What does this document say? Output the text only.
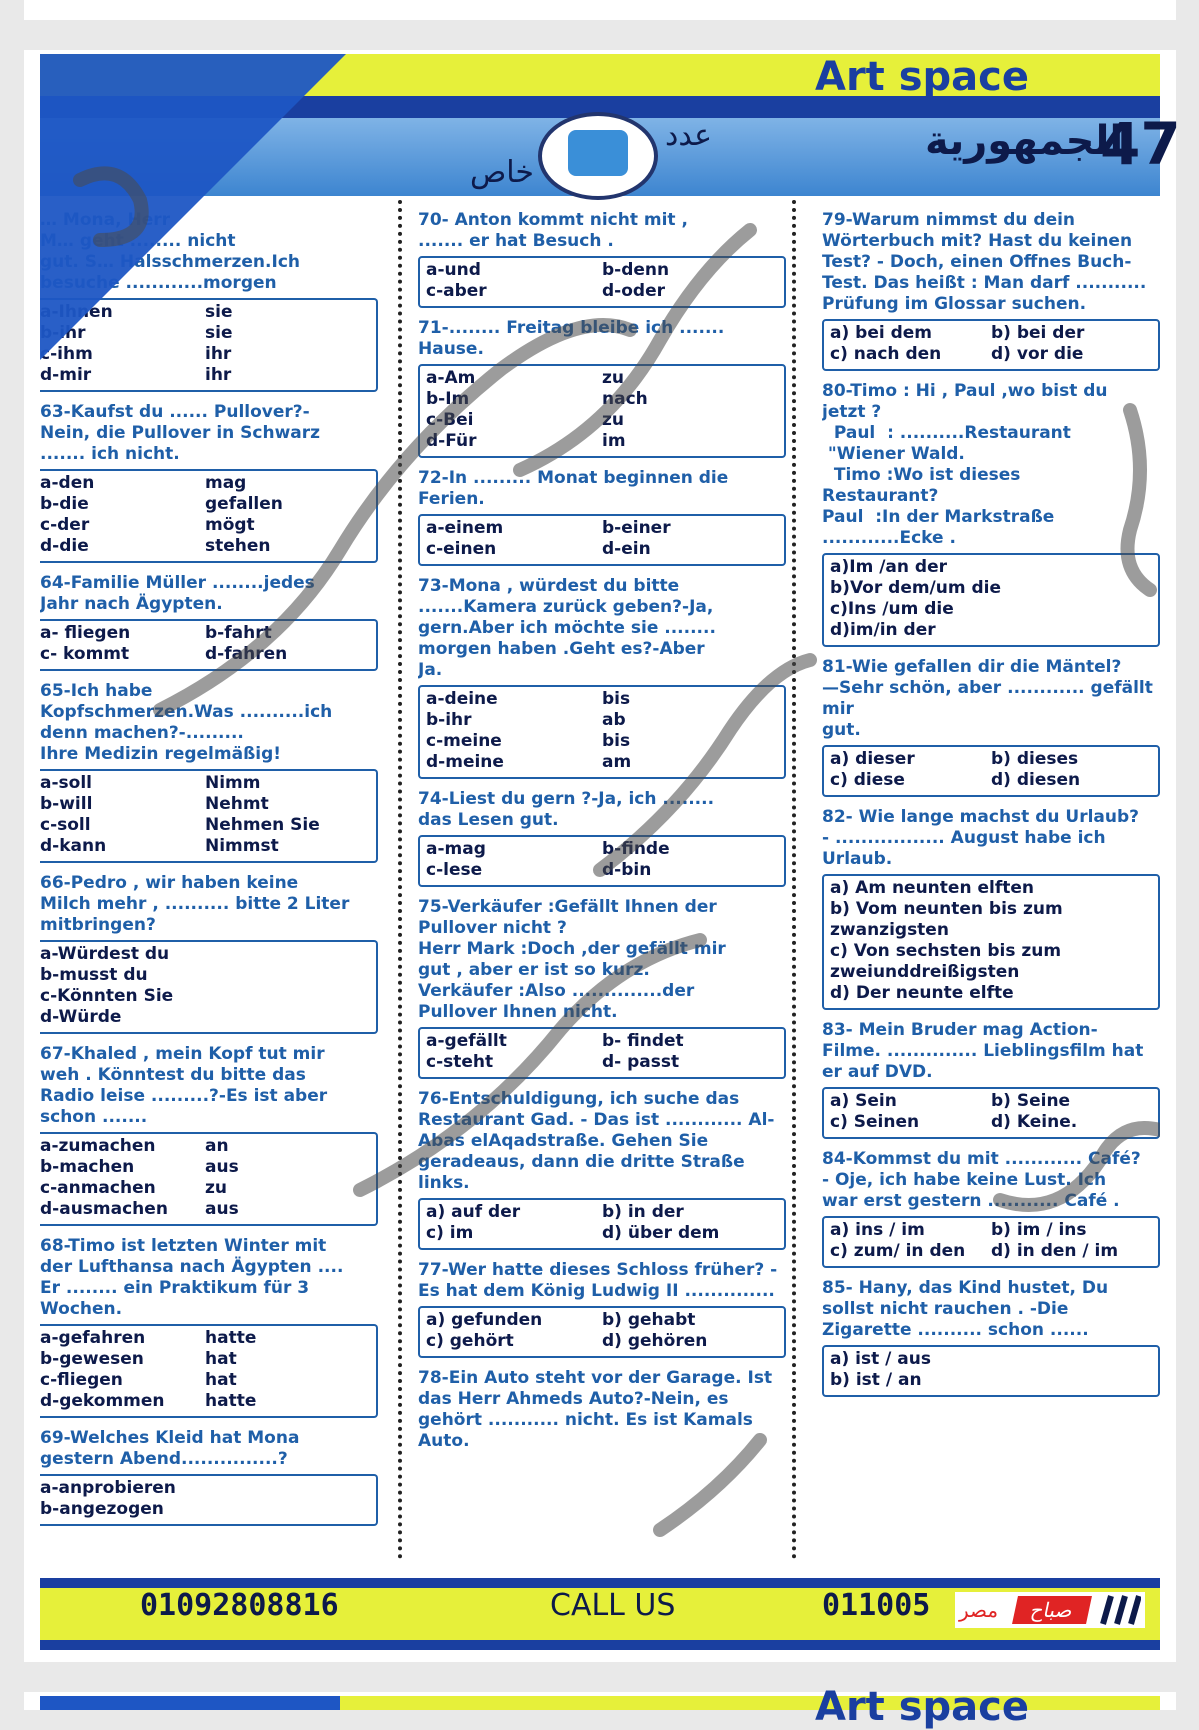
Art space
47
الجمهورية
عدد
خاص
… Mona, Herr
M… geht ........ nicht
gut. S… Halsschmerzen.Ich
besuche ............morgen
a-Ihnen	sie
b-ihr	sie
c-ihm	ihr
d-mir	ihr
63-Kaufst du ...... Pullover?-
Nein, die Pullover in Schwarz
....... ich nicht.
a-den	mag
b-die	gefallen
c-der	mögt
d-die	stehen
64-Familie Müller ........jedes
Jahr nach Ägypten.
a- fliegen	b-fahrt
c- kommt	d-fahren
65-Ich habe
Kopfschmerzen.Was ..........ich
denn machen?-.........
Ihre Medizin regelmäßig!
a-soll	Nimm
b-will	Nehmt
c-soll	Nehmen Sie
d-kann	Nimmst
66-Pedro , wir haben keine
Milch mehr , .......... bitte 2 Liter
mitbringen?
a-Würdest du
b-musst du
c-Könnten Sie
d-Würde
67-Khaled , mein Kopf tut mir
weh . Könntest du bitte das
Radio leise .........?-Es ist aber
schon .......
a-zumachen	an
b-machen	aus
c-anmachen	zu
d-ausmachen	aus
68-Timo ist letzten Winter mit
der Lufthansa nach Ägypten ....
Er ........ ein Praktikum für 3
Wochen.
a-gefahren	hatte
b-gewesen	hat
c-fliegen	hat
d-gekommen	hatte
69-Welches Kleid hat Mona
gestern Abend...............?
a-anprobieren
b-angezogen
70- Anton kommt nicht mit ,
....... er hat Besuch .
a-und	b-denn
c-aber	d-oder
71-........ Freitag bleibe ich .......
Hause.
a-Am	zu
b-Im	nach
c-Bei	zu
d-Für	im
72-In ......... Monat beginnen die
Ferien.
a-einem	b-einer
c-einen	d-ein
73-Mona , würdest du bitte
.......Kamera zurück geben?-Ja,
gern.Aber ich möchte sie ........
morgen haben .Geht es?-Aber
Ja.
a-deine	bis
b-ihr	ab
c-meine	bis
d-meine	am
74-Liest du gern ?-Ja, ich ........
das Lesen gut.
a-mag	b-finde
c-lese	d-bin
75-Verkäufer :Gefällt Ihnen der
Pullover nicht ?
Herr Mark :Doch ,der gefällt mir
gut , aber er ist so kurz.
Verkäufer :Also ..............der
Pullover Ihnen nicht.
a-gefällt	b- findet
c-steht	d- passt
76-Entschuldigung, ich suche das
Restaurant Gad. - Das ist ............ Al-
Abas elAqadstraße. Gehen Sie
geradeaus, dann die dritte Straße
links.
a) auf der	b) in der
c) im	d) über dem
77-Wer hatte dieses Schloss früher? -
Es hat dem König Ludwig II ..............
a) gefunden	b) gehabt
c) gehört	d) gehören
78-Ein Auto steht vor der Garage. Ist
das Herr Ahmeds Auto?-Nein, es
gehört ........... nicht. Es ist Kamals
Auto.
79-Warum nimmst du dein
Wörterbuch mit? Hast du keinen
Test? - Doch, einen Offnes Buch-
Test. Das heißt : Man darf ...........
Prüfung im Glossar suchen.
a) bei dem	b) bei der
c) nach den	d) vor die
80-Timo : Hi , Paul ,wo bist du
jetzt ?
Paul  : ..........Restaurant
"Wiener Wald.
Timo :Wo ist dieses
Restaurant?
Paul  :In der Markstraße
............Ecke .
a)Im /an der
b)Vor dem/um die
c)Ins /um die
d)im/in der
81-Wie gefallen dir die Mäntel?
—Sehr schön, aber ............ gefällt mir
gut.
a) dieser	b) dieses
c) diese	d) diesen
82- Wie lange machst du Urlaub?
- ................. August habe ich Urlaub.
a) Am neunten elften
b) Vom neunten bis zum
zwanzigsten
c) Von sechsten bis zum
zweiunddreißigsten
d) Der neunte elfte
83- Mein Bruder mag Action-
Filme. .............. Lieblingsfilm hat
er auf DVD.
a) Sein	b) Seine
c) Seinen	d) Keine.
84-Kommst du mit ............ Café?
- Oje, ich habe keine Lust. Ich
war erst gestern ........... Café .
a) ins / im	b) im / ins
c) zum/ in den	d) in den / im
85- Hany, das Kind hustet, Du
sollst nicht rauchen . -Die
Zigarette .......... schon ......
a) ist / aus
b) ist / an
01092808816	CALL US	011005 مصر	صباح
Art space
